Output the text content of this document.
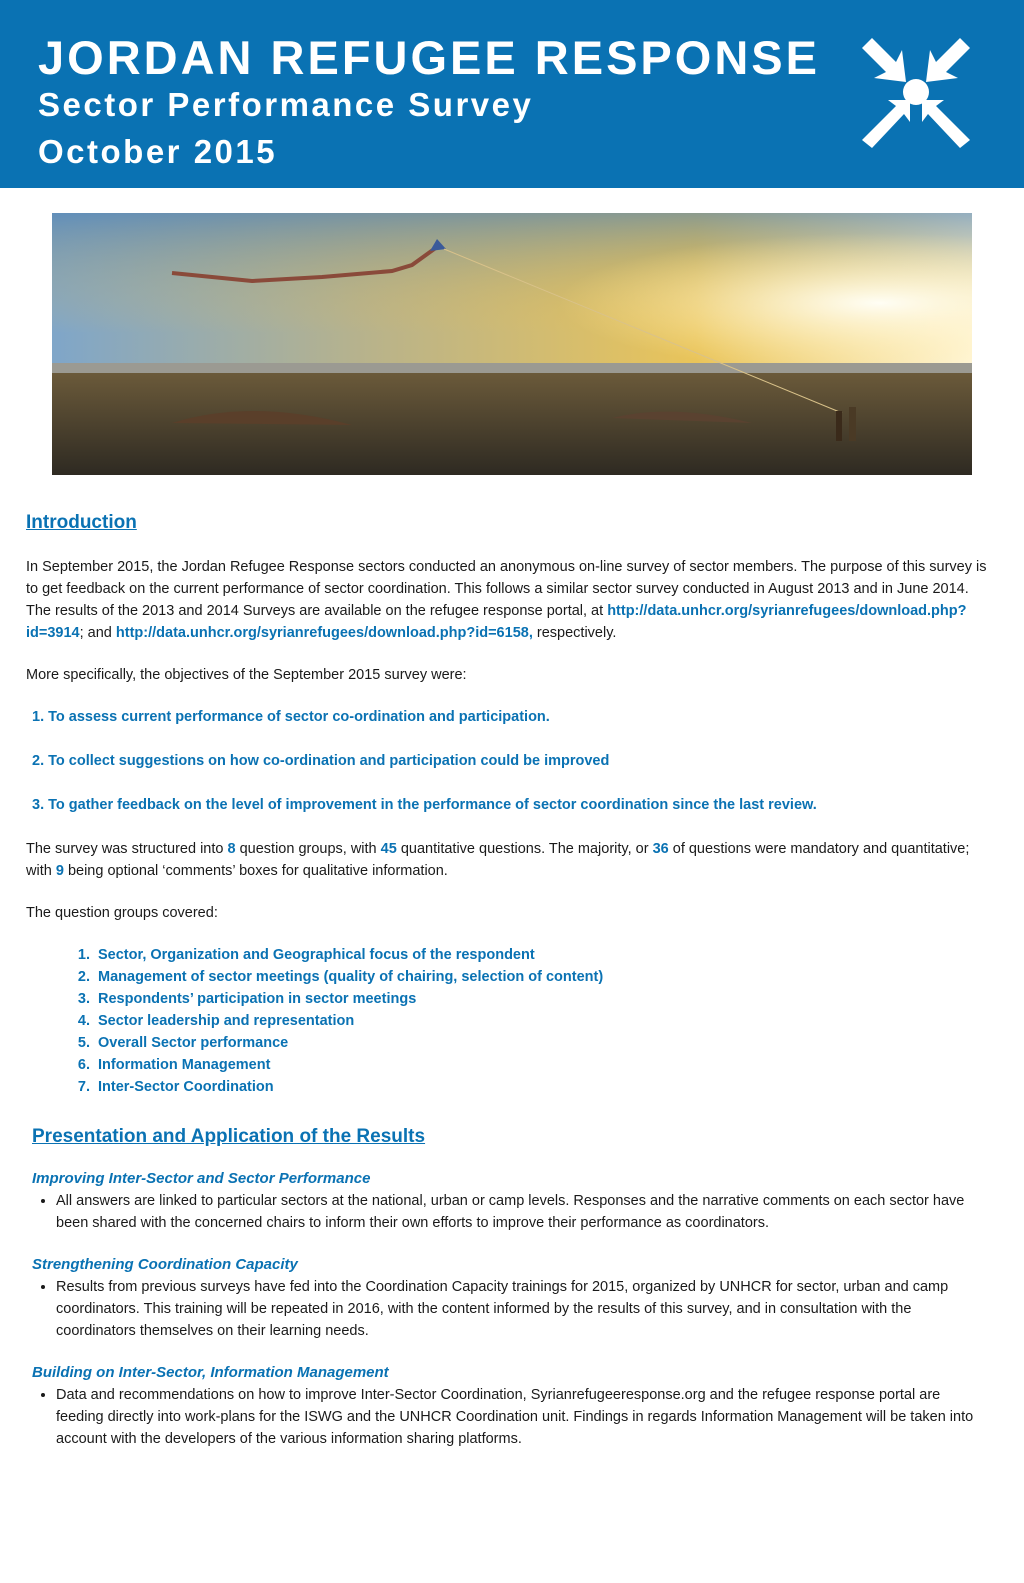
JORDAN REFUGEE RESPONSE
Sector Performance Survey
October 2015
Introduction

In September 2015, the Jordan Refugee Response sectors conducted an anonymous on-line survey of sector members. The purpose of this survey is to get feedback on the current performance of sector coordination. This follows a similar sector survey conducted in August 2013 and in June 2014. The results of the 2013 and 2014 Surveys are available on the refugee response portal, at http://data.unhcr.org/syrianrefugees/download.php?id=3914; and http://data.unhcr.org/syrianrefugees/download.php?id=6158, respectively.

More specifically, the objectives of the September 2015 survey were:

1. To assess current performance of sector co-ordination and participation.

2. To collect suggestions on how co-ordination and participation could be improved

3. To gather feedback on the level of improvement in the performance of sector coordination since the last review.

The survey was structured into 8 question groups, with 45 quantitative questions. The majority, or 36 of questions were mandatory and quantitative; with 9 being optional ‘comments’ boxes for qualitative information.

The question groups covered:

1. Sector, Organization and Geographical focus of the respondent
2. Management of sector meetings (quality of chairing, selection of content)
3. Respondents’ participation in sector meetings
4. Sector leadership and representation
5. Overall Sector performance
6. Information Management
7. Inter-Sector Coordination
Presentation and Application of the Results

Improving Inter-Sector and Sector Performance

• All answers are linked to particular sectors at the national, urban or camp levels. Responses and the narrative comments on each sector have been shared with the concerned chairs to inform their own efforts to improve their performance as coordinators.

Strengthening Coordination Capacity

• Results from previous surveys have fed into the Coordination Capacity trainings for 2015, organized by UNHCR for sector, urban and camp coordinators. This training will be repeated in 2016, with the content informed by the results of this survey, and in consultation with the coordinators themselves on their learning needs.

Building on Inter-Sector, Information Management

• Data and recommendations on how to improve Inter-Sector Coordination, Syrianrefugeeresponse.org and the refugee response portal are feeding directly into work-plans for the ISWG and the UNHCR Coordination unit. Findings in regards Information Management will be taken into account with the developers of the various information sharing platforms.
